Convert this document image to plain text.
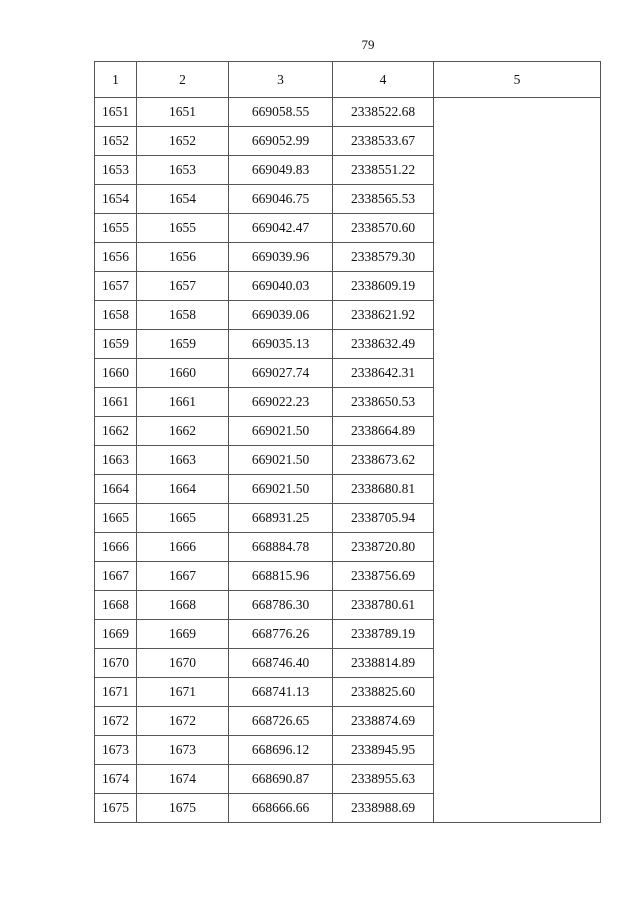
79
1	2	3	4	5
1651	1651	669058.55	2338522.68	
1652	1652	669052.99	2338533.67	
1653	1653	669049.83	2338551.22	
1654	1654	669046.75	2338565.53	
1655	1655	669042.47	2338570.60	
1656	1656	669039.96	2338579.30	
1657	1657	669040.03	2338609.19	
1658	1658	669039.06	2338621.92	
1659	1659	669035.13	2338632.49	
1660	1660	669027.74	2338642.31	
1661	1661	669022.23	2338650.53	
1662	1662	669021.50	2338664.89	
1663	1663	669021.50	2338673.62	
1664	1664	669021.50	2338680.81	
1665	1665	668931.25	2338705.94	
1666	1666	668884.78	2338720.80	
1667	1667	668815.96	2338756.69	
1668	1668	668786.30	2338780.61	
1669	1669	668776.26	2338789.19	
1670	1670	668746.40	2338814.89	
1671	1671	668741.13	2338825.60	
1672	1672	668726.65	2338874.69	
1673	1673	668696.12	2338945.95	
1674	1674	668690.87	2338955.63	
1675	1675	668666.66	2338988.69	
